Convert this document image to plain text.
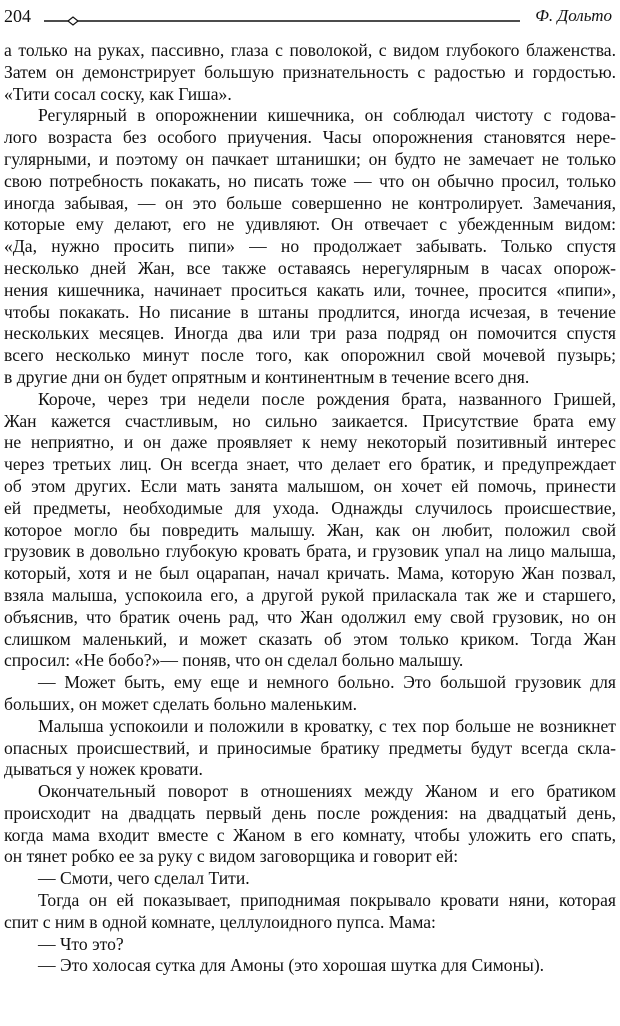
204	Ф. Дольто

а только на руках, пассивно, глаза с поволокой, с видом глубокого блаженства.
Затем он демонстрирует большую признательность с радостью и гордостью.
«Тити сосал соску, как Гиша».

Регулярный в опорожнении кишечника, он соблюдал чистоту с годова-
лого возраста без особого приучения. Часы опорожнения становятся нере-
гулярными, и поэтому он пачкает штанишки; он будто не замечает не только
свою потребность покакать, но писать тоже — что он обычно просил, только
иногда забывая, — он это больше совершенно не контролирует. Замечания,
которые ему делают, его не удивляют. Он отвечает с убежденным видом:
«Да, нужно просить пипи» — но продолжает забывать. Только спустя
несколько дней Жан, все также оставаясь нерегулярным в часах опорож-
нения кишечника, начинает проситься какать или, точнее, просится «пипи»,
чтобы покакать. Но писание в штаны продлится, иногда исчезая, в течение
нескольких месяцев. Иногда два или три раза подряд он помочится спустя
всего несколько минут после того, как опорожнил свой мочевой пузырь;
в другие дни он будет опрятным и континентным в течение всего дня.

Короче, через три недели после рождения брата, названного Гришей,
Жан кажется счастливым, но сильно заикается. Присутствие брата ему
не неприятно, и он даже проявляет к нему некоторый позитивный интерес
через третьих лиц. Он всегда знает, что делает его братик, и предупреждает
об этом других. Если мать занята малышом, он хочет ей помочь, принести
ей предметы, необходимые для ухода. Однажды случилось происшествие,
которое могло бы повредить малышу. Жан, как он любит, положил свой
грузовик в довольно глубокую кровать брата, и грузовик упал на лицо малыша,
который, хотя и не был оцарапан, начал кричать. Мама, которую Жан позвал,
взяла малыша, успокоила его, а другой рукой приласкала так же и старшего,
объяснив, что братик очень рад, что Жан одолжил ему свой грузовик, но он
слишком маленький, и может сказать об этом только криком. Тогда Жан
спросил: «Не бобо?»— поняв, что он сделал больно малышу.

— Может быть, ему еще и немного больно. Это большой грузовик для
больших, он может сделать больно маленьким.

Малыша успокоили и положили в кроватку, с тех пор больше не возникнет
опасных происшествий, и приносимые братику предметы будут всегда скла-
дываться у ножек кровати.

Окончательный поворот в отношениях между Жаном и его братиком
происходит на двадцать первый день после рождения: на двадцатый день,
когда мама входит вместе с Жаном в его комнату, чтобы уложить его спать,
он тянет робко ее за руку с видом заговорщика и говорит ей:

— Смоти, чего сделал Тити.

Тогда он ей показывает, приподнимая покрывало кровати няни, которая
спит с ним в одной комнате, целлулоидного пупса. Мама:

— Что это?

— Это холосая сутка для Амоны (это хорошая шутка для Симоны).
